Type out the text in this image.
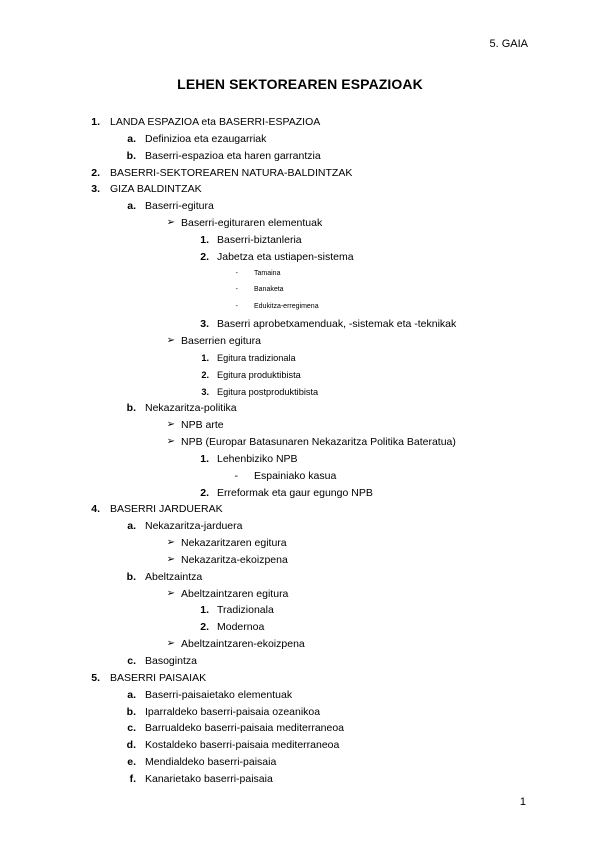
5. GAIA
LEHEN SEKTOREAREN ESPAZIOAK
1. LANDA ESPAZIOA eta BASERRI-ESPAZIOA
a. Definizioa eta ezaugarriak
b. Baserri-espazioa eta haren garrantzia
2. BASERRI-SEKTOREAREN NATURA-BALDINTZAK
3. GIZA BALDINTZAK
a. Baserri-egitura
➢ Baserri-egituraren elementuak
1. Baserri-biztanleria
2. Jabetza eta ustiapen-sistema
- Tamaina
- Banaketa
- Edukitza-erregimena
3. Baserri aprobetxamenduak, -sistemak eta -teknikak
➢ Baserrien egitura
1. Egitura tradizionala
2. Egitura produktibista
3. Egitura postproduktibista
b. Nekazaritza-politika
➢ NPB arte
➢ NPB (Europar Batasunaren Nekazaritza Politika Bateratua)
1. Lehenbiziko NPB
- Espainiako kasua
2. Erreformak eta gaur egungo NPB
4. BASERRI JARDUERAK
a. Nekazaritza-jarduera
➢ Nekazaritzaren egitura
➢ Nekazaritza-ekoizpena
b. Abeltzaintza
➢ Abeltzaintzaren egitura
1. Tradizionala
2. Modernoa
➢ Abeltzaintzaren-ekoizpena
c. Basogintza
5. BASERRI PAISAIAK
a. Baserri-paisaietako elementuak
b. Iparraldeko baserri-paisaia ozeanikoa
c. Barrualdeko baserri-paisaia mediterraneoa
d. Kostaldeko baserri-paisaia mediterraneoa
e. Mendialdeko baserri-paisaia
f. Kanarietako baserri-paisaia
1
